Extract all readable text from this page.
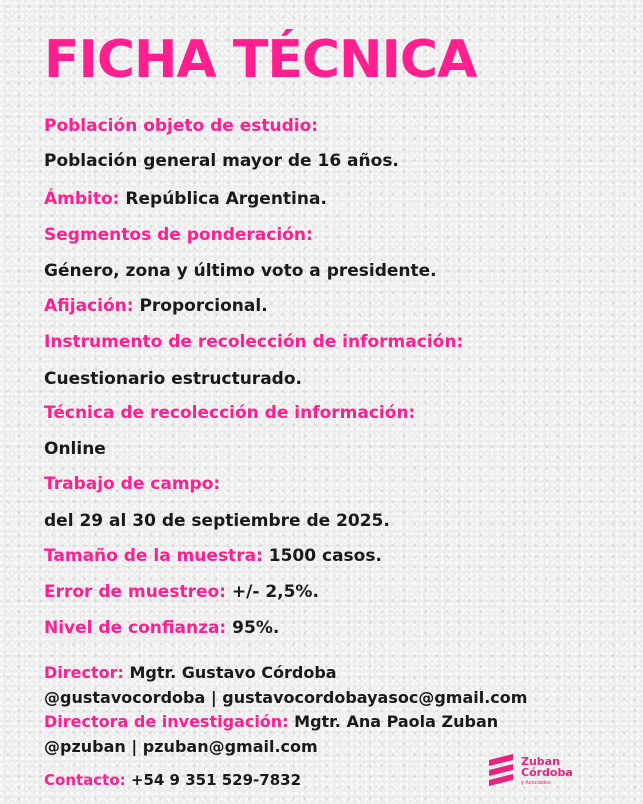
FICHA TÉCNICA
Población objeto de estudio:
Población general mayor de 16 años.
Ámbito: República Argentina.
Segmentos de ponderación:
Género, zona y último voto a presidente.
Afijación: Proporcional.
Instrumento de recolección de información:
Cuestionario estructurado.
Técnica de recolección de información:
Online
Trabajo de campo:
del 29 al 30 de septiembre de 2025.
Tamaño de la muestra: 1500 casos.
Error de muestreo: +/- 2,5%.
Nivel de confianza: 95%.
Director: Mgtr. Gustavo Córdoba
@gustavocordoba | gustavocordobayasoc@gmail.com
Directora de investigación: Mgtr. Ana Paola Zuban
@pzuban | pzuban@gmail.com
Contacto: +54 9 351 529-7832
Zuban
Córdoba
y Asociados
